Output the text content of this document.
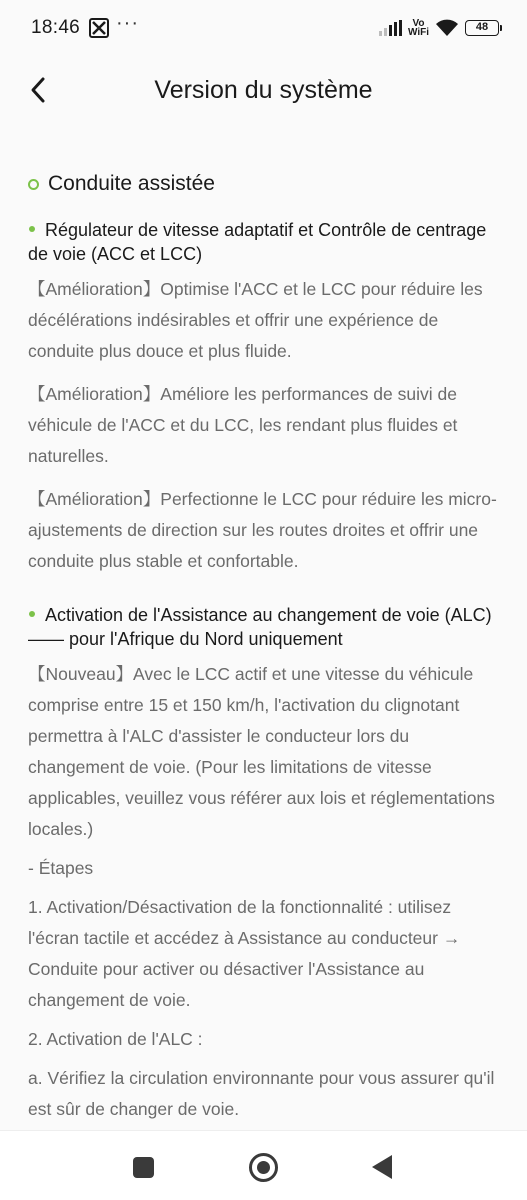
18:46 ···	Vo
WiFi	48
Version du système
Conduite assistée
Régulateur de vitesse adaptatif et Contrôle de centrage de voie (ACC et LCC)

【Amélioration】Optimise l'ACC et le LCC pour réduire les décélérations indésirables et offrir une expérience de conduite plus douce et plus fluide.

【Amélioration】Améliore les performances de suivi de véhicule de l'ACC et du LCC, les rendant plus fluides et naturelles.

【Amélioration】Perfectionne le LCC pour réduire les micro-ajustements de direction sur les routes droites et offrir une conduite plus stable et confortable.

Activation de l'Assistance au changement de voie (ALC) —— pour l'Afrique du Nord uniquement

【Nouveau】Avec le LCC actif et une vitesse du véhicule comprise entre 15 et 150 km/h, l'activation du clignotant permettra à l'ALC d'assister le conducteur lors du changement de voie. (Pour les limitations de vitesse applicables, veuillez vous référer aux lois et réglementations locales.)

- Étapes

1. Activation/Désactivation de la fonctionnalité : utilisez l'écran tactile et accédez à Assistance au conducteur → Conduite pour activer ou désactiver l'Assistance au changement de voie.

2. Activation de l'ALC :

a. Vérifiez la circulation environnante pour vous assurer qu'il est sûr de changer de voie.
